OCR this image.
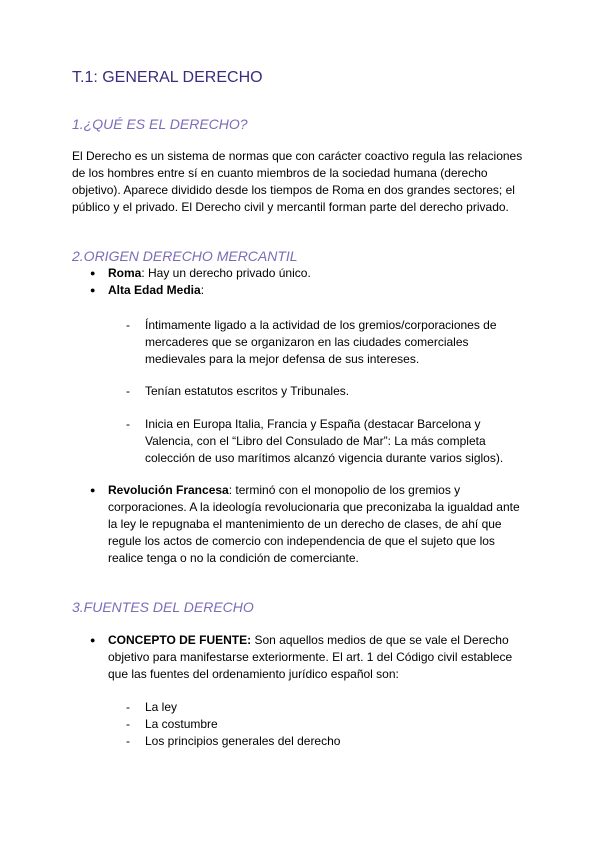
T.1: GENERAL DERECHO
1.¿QUÉ ES EL DERECHO?

El Derecho es un sistema de normas que con carácter coactivo regula las relaciones
de los hombres entre sí en cuanto miembros de la sociedad humana (derecho
objetivo). Aparece dividido desde los tiempos de Roma en dos grandes sectores; el
público y el privado. El Derecho civil y mercantil forman parte del derecho privado.

2.ORIGEN DERECHO MERCANTIL

● Roma: Hay un derecho privado único.

● Alta Edad Media:

- Íntimamente ligado a la actividad de los gremios/corporaciones de
mercaderes que se organizaron en las ciudades comerciales
medievales para la mejor defensa de sus intereses.

- Tenían estatutos escritos y Tribunales.

- Inicia en Europa Italia, Francia y España (destacar Barcelona y
Valencia, con el “Libro del Consulado de Mar”: La más completa
colección de uso marítimos alcanzó vigencia durante varios siglos).

● Revolución Francesa: terminó con el monopolio de los gremios y
corporaciones. A la ideología revolucionaria que preconizaba la igualdad ante
la ley le repugnaba el mantenimiento de un derecho de clases, de ahí que
regule los actos de comercio con independencia de que el sujeto que los
realice tenga o no la condición de comerciante.

3.FUENTES DEL DERECHO

● CONCEPTO DE FUENTE: Son aquellos medios de que se vale el Derecho
objetivo para manifestarse exteriormente. El art. 1 del Código civil establece
que las fuentes del ordenamiento jurídico español son:

- La ley

- La costumbre

- Los principios generales del derecho
